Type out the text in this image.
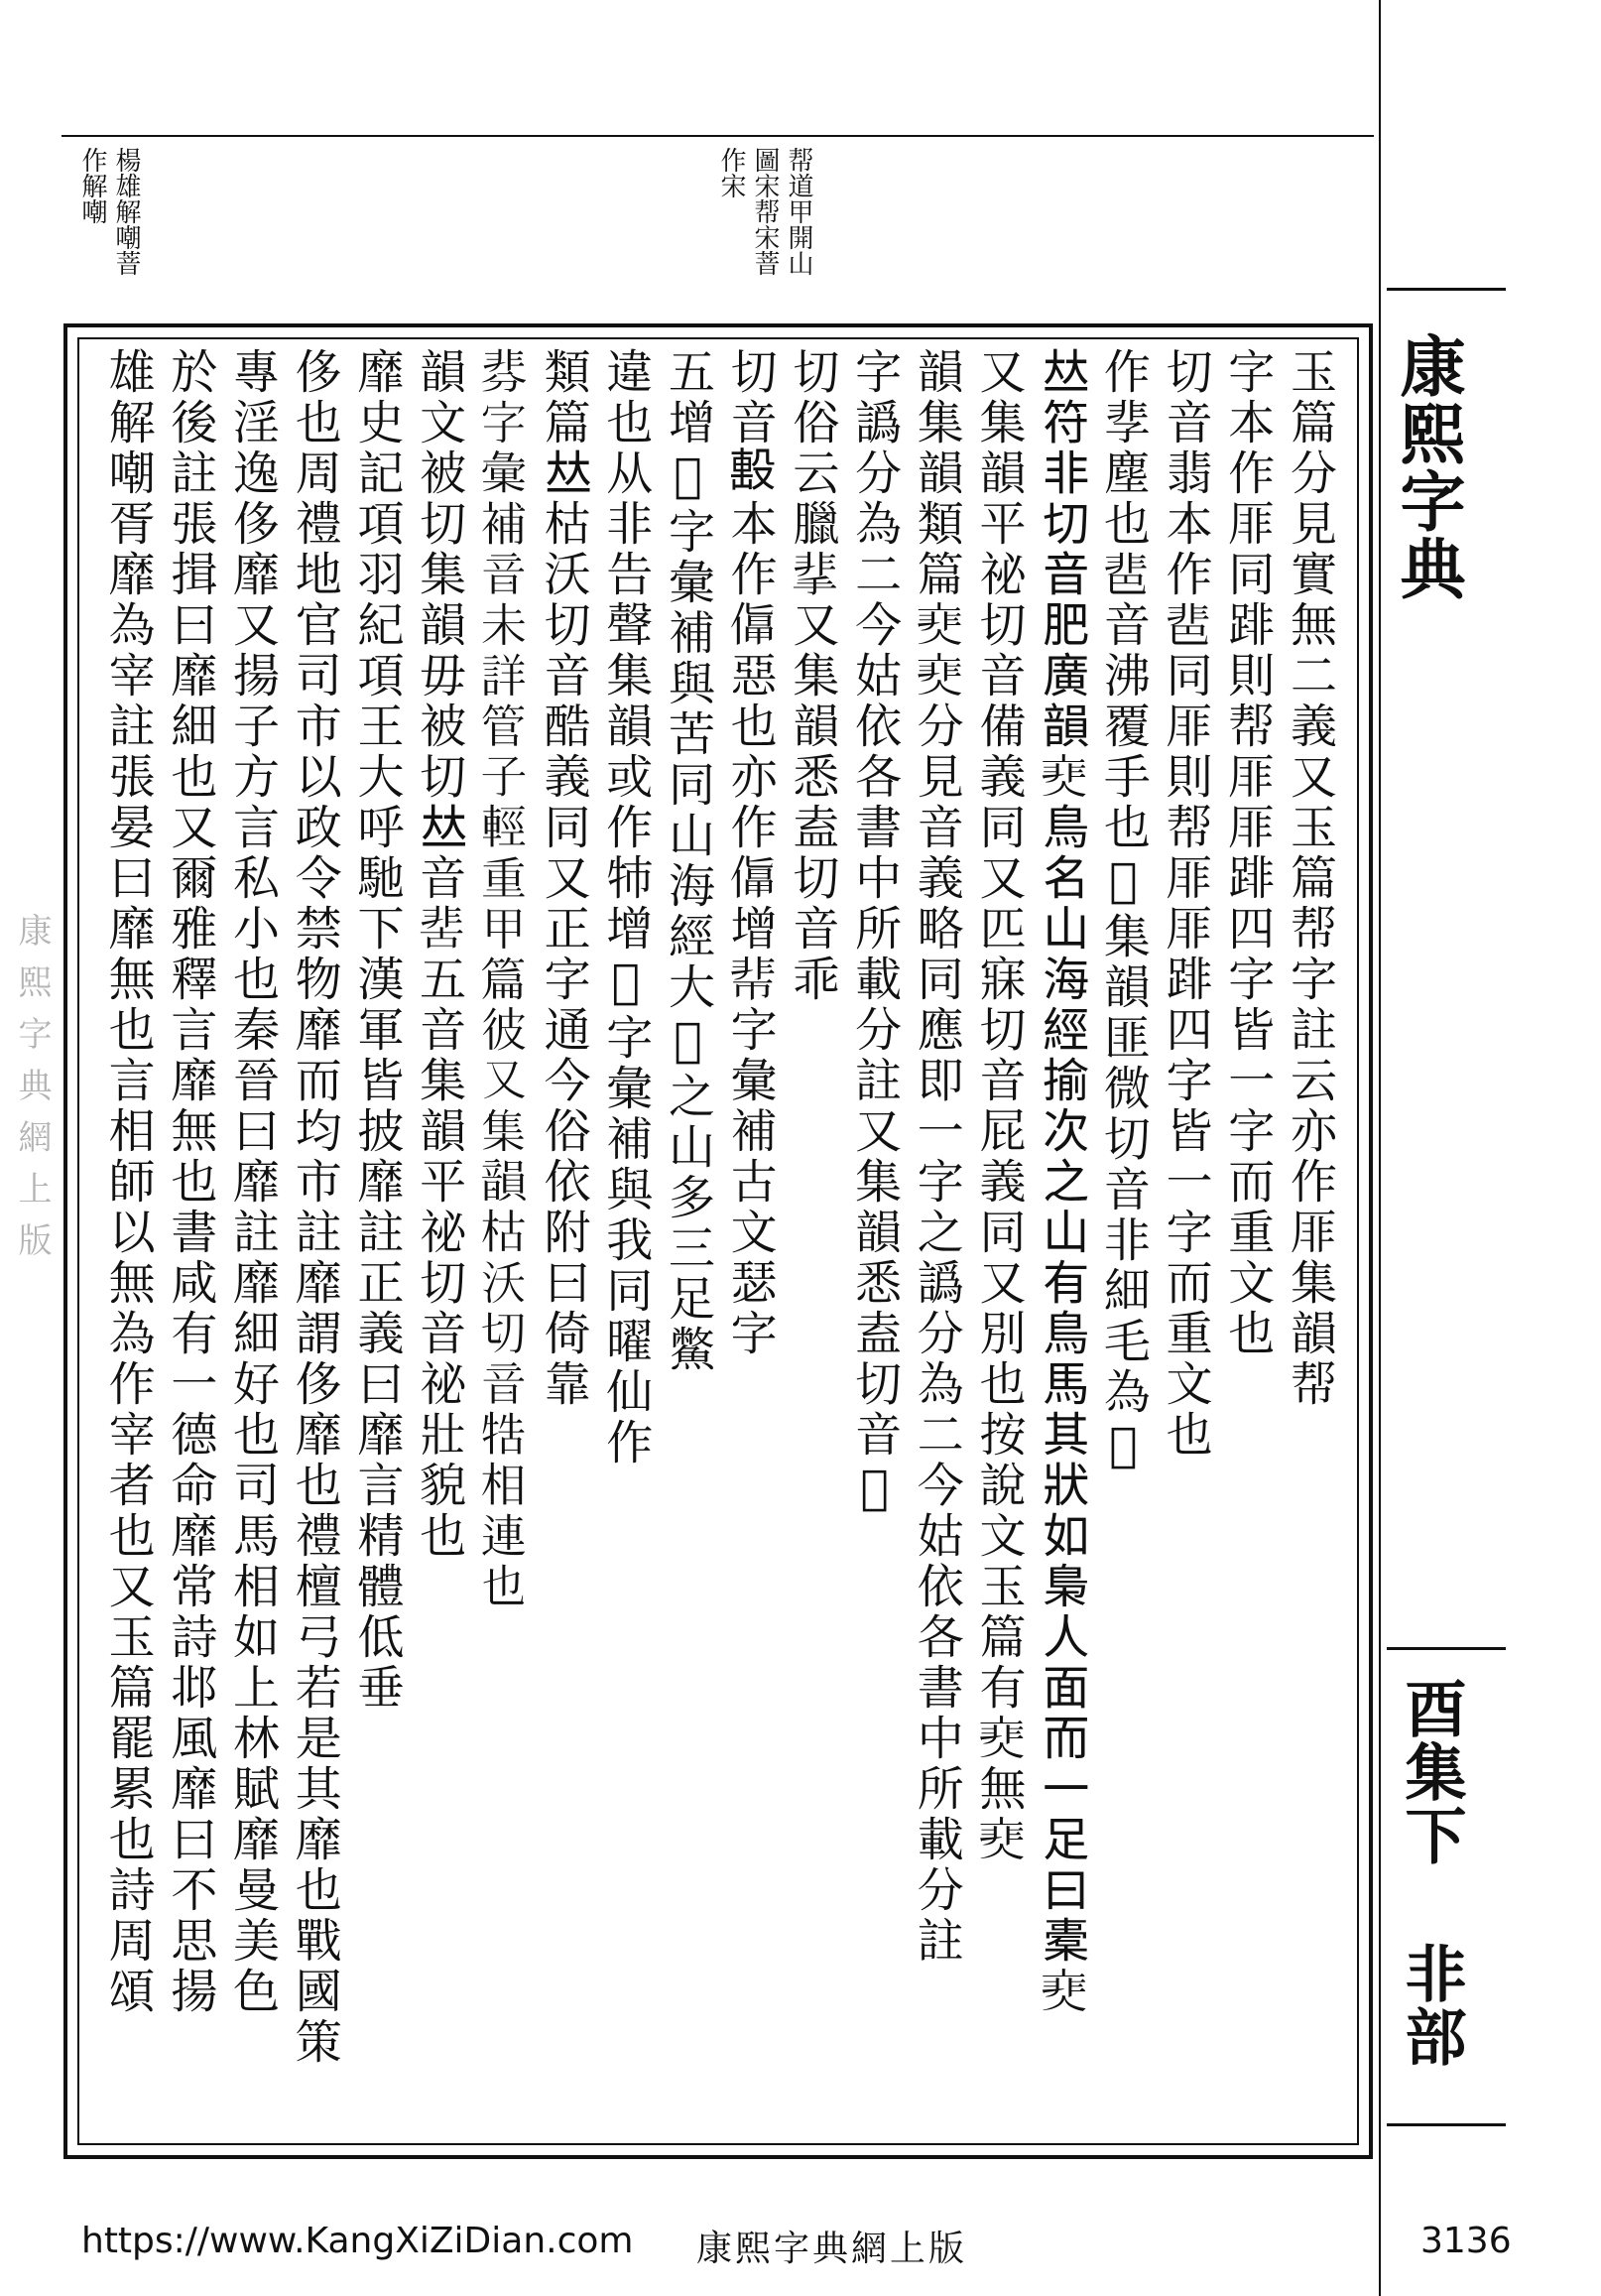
康熙字典
酉集下 非部
帮道甲開山
圖宋帮宋萻
作宋
楊雄解嘲萻
作解嘲
康熙字典網上版	玉篇分見實無二義又玉篇帮字註云亦作厞集韻帮
字本作厞同䠊則帮厞厞䠊四字皆一字而重文也
切音翡本作𩇯同厞則帮厞厞䠊四字皆一字而重文也
作𩇫塵也𩇯音沸覆手也𩇬集韻匪微切音非細毛為𩇬
𠀤符非切音肥廣韻𩇰鳥名山海經揄次之山有鳥馬其狀如梟人面而一足曰橐𩇰
又集韻平祕切音備義同又匹寐切音屁義同又別也按說文玉篇有𩇰無𩇰
韻集韻類篇𩇰𩇰分見音義略同應即一字之譌分為二今姑依各書中所載分註
字譌分為二今姑依各書中所載分註又集韻悉盍切音𢐑
切俗云臘𩇮又集韻悉盍切音乖
切音𣪠本作𠍬惡也亦作𠍬增𩇱字彙補古文瑟字
五增𩇲字彙補與苦同山海經大𩇲之山多三足鱉
違也从非告聲集韻或作㸬增𩇳字彙補與我同曜仙作
類篇𠀤枯沃切音酷義同又正字通今俗依附曰倚靠
𩇴字彙補音未詳管子輕重甲篇彼又集韻枯沃切音牿相連也
韻文被切集韻毋被切𠀤音𩇵五音集韻平祕切音祕壯貌也
靡史記項羽紀項王大呼馳下漢軍皆披靡註正義曰靡言精體低垂
侈也周禮地官司市以政令禁物靡而均市註靡謂侈靡也禮檀弓若是其靡也戰國策
專淫逸侈靡又揚子方言私小也秦晉曰靡註靡細好也司馬相如上林賦靡曼美色
於後註張揖曰靡細也又爾雅釋言靡無也書咸有一德命靡常詩邶風靡曰不思揚
雄解嘲胥靡為宰註張晏曰靡無也言相師以無為作宰者也又玉篇罷累也詩周頌
https://www.KangXiZiDian.com 康熙字典網上版	3136
